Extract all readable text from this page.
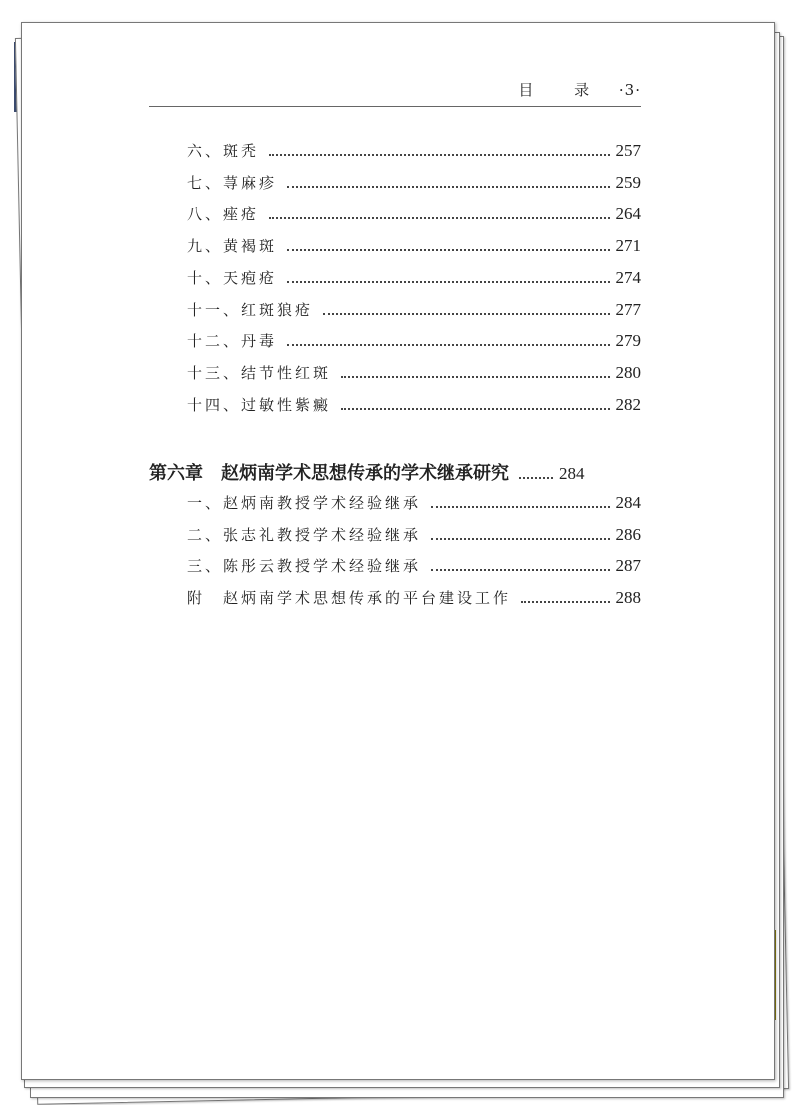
目 录 ·3·
六、斑秃	257
七、荨麻疹	259
八、痤疮	264
九、黄褐斑	271
十、天疱疮	274
十一、红斑狼疮	277
十二、丹毒	279
十三、结节性红斑	280
十四、过敏性紫癜	282
第六章　赵炳南学术思想传承的学术继承研究	284
一、赵炳南教授学术经验继承	284
二、张志礼教授学术经验继承	286
三、陈彤云教授学术经验继承	287
附　赵炳南学术思想传承的平台建设工作	288
